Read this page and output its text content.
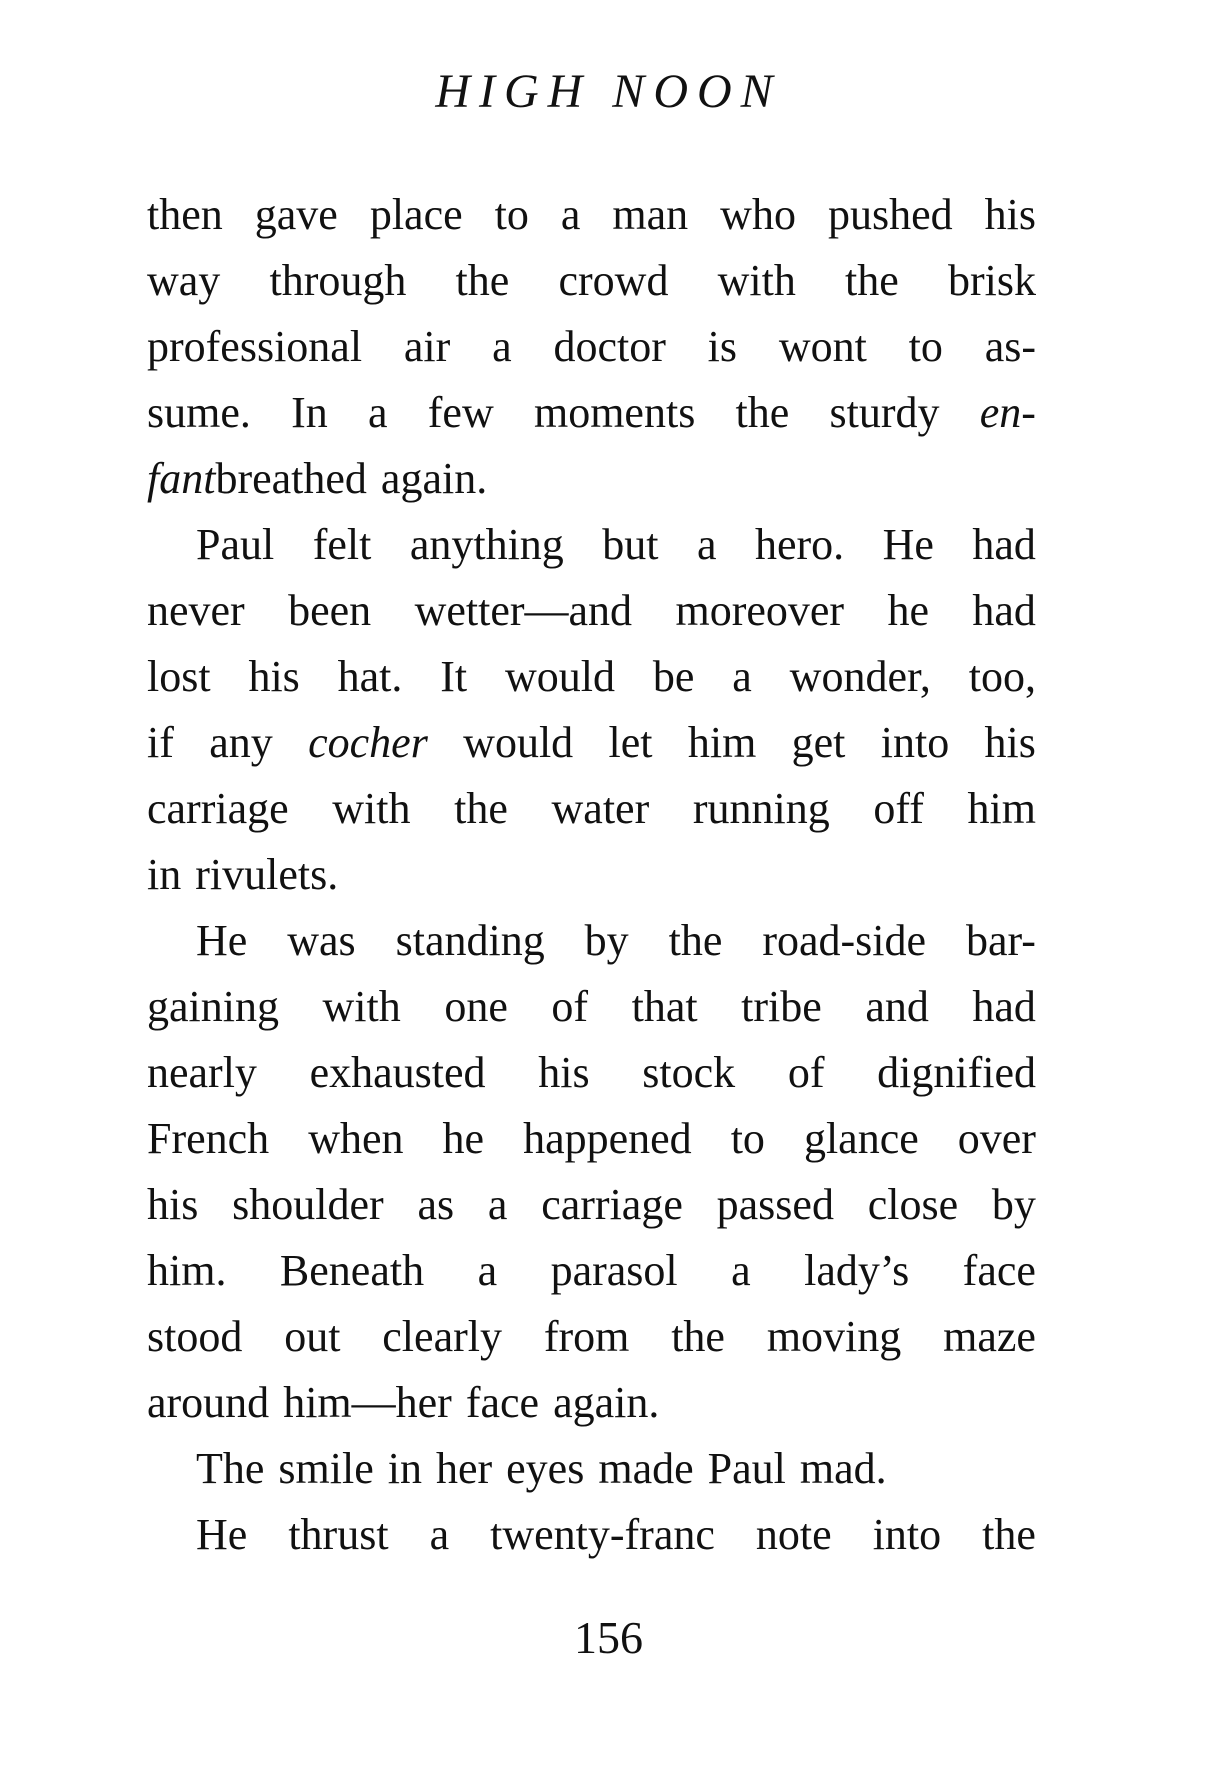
HIGH NOON
then gave place to a man who pushed his
way through the crowd with the brisk
professional air a doctor is wont to as-
sume. In a few moments the sturdy en-
fant breathed again.
Paul felt anything but a hero. He had
never been wetter—and moreover he had
lost his hat. It would be a wonder, too,
if any cocher would let him get into his
carriage with the water running off him
in rivulets.
He was standing by the road-side bar-
gaining with one of that tribe and had
nearly exhausted his stock of dignified
French when he happened to glance over
his shoulder as a carriage passed close by
him. Beneath a parasol a lady’s face
stood out clearly from the moving maze
around him—her face again.
The smile in her eyes made Paul mad.
He thrust a twenty-franc note into the
156
